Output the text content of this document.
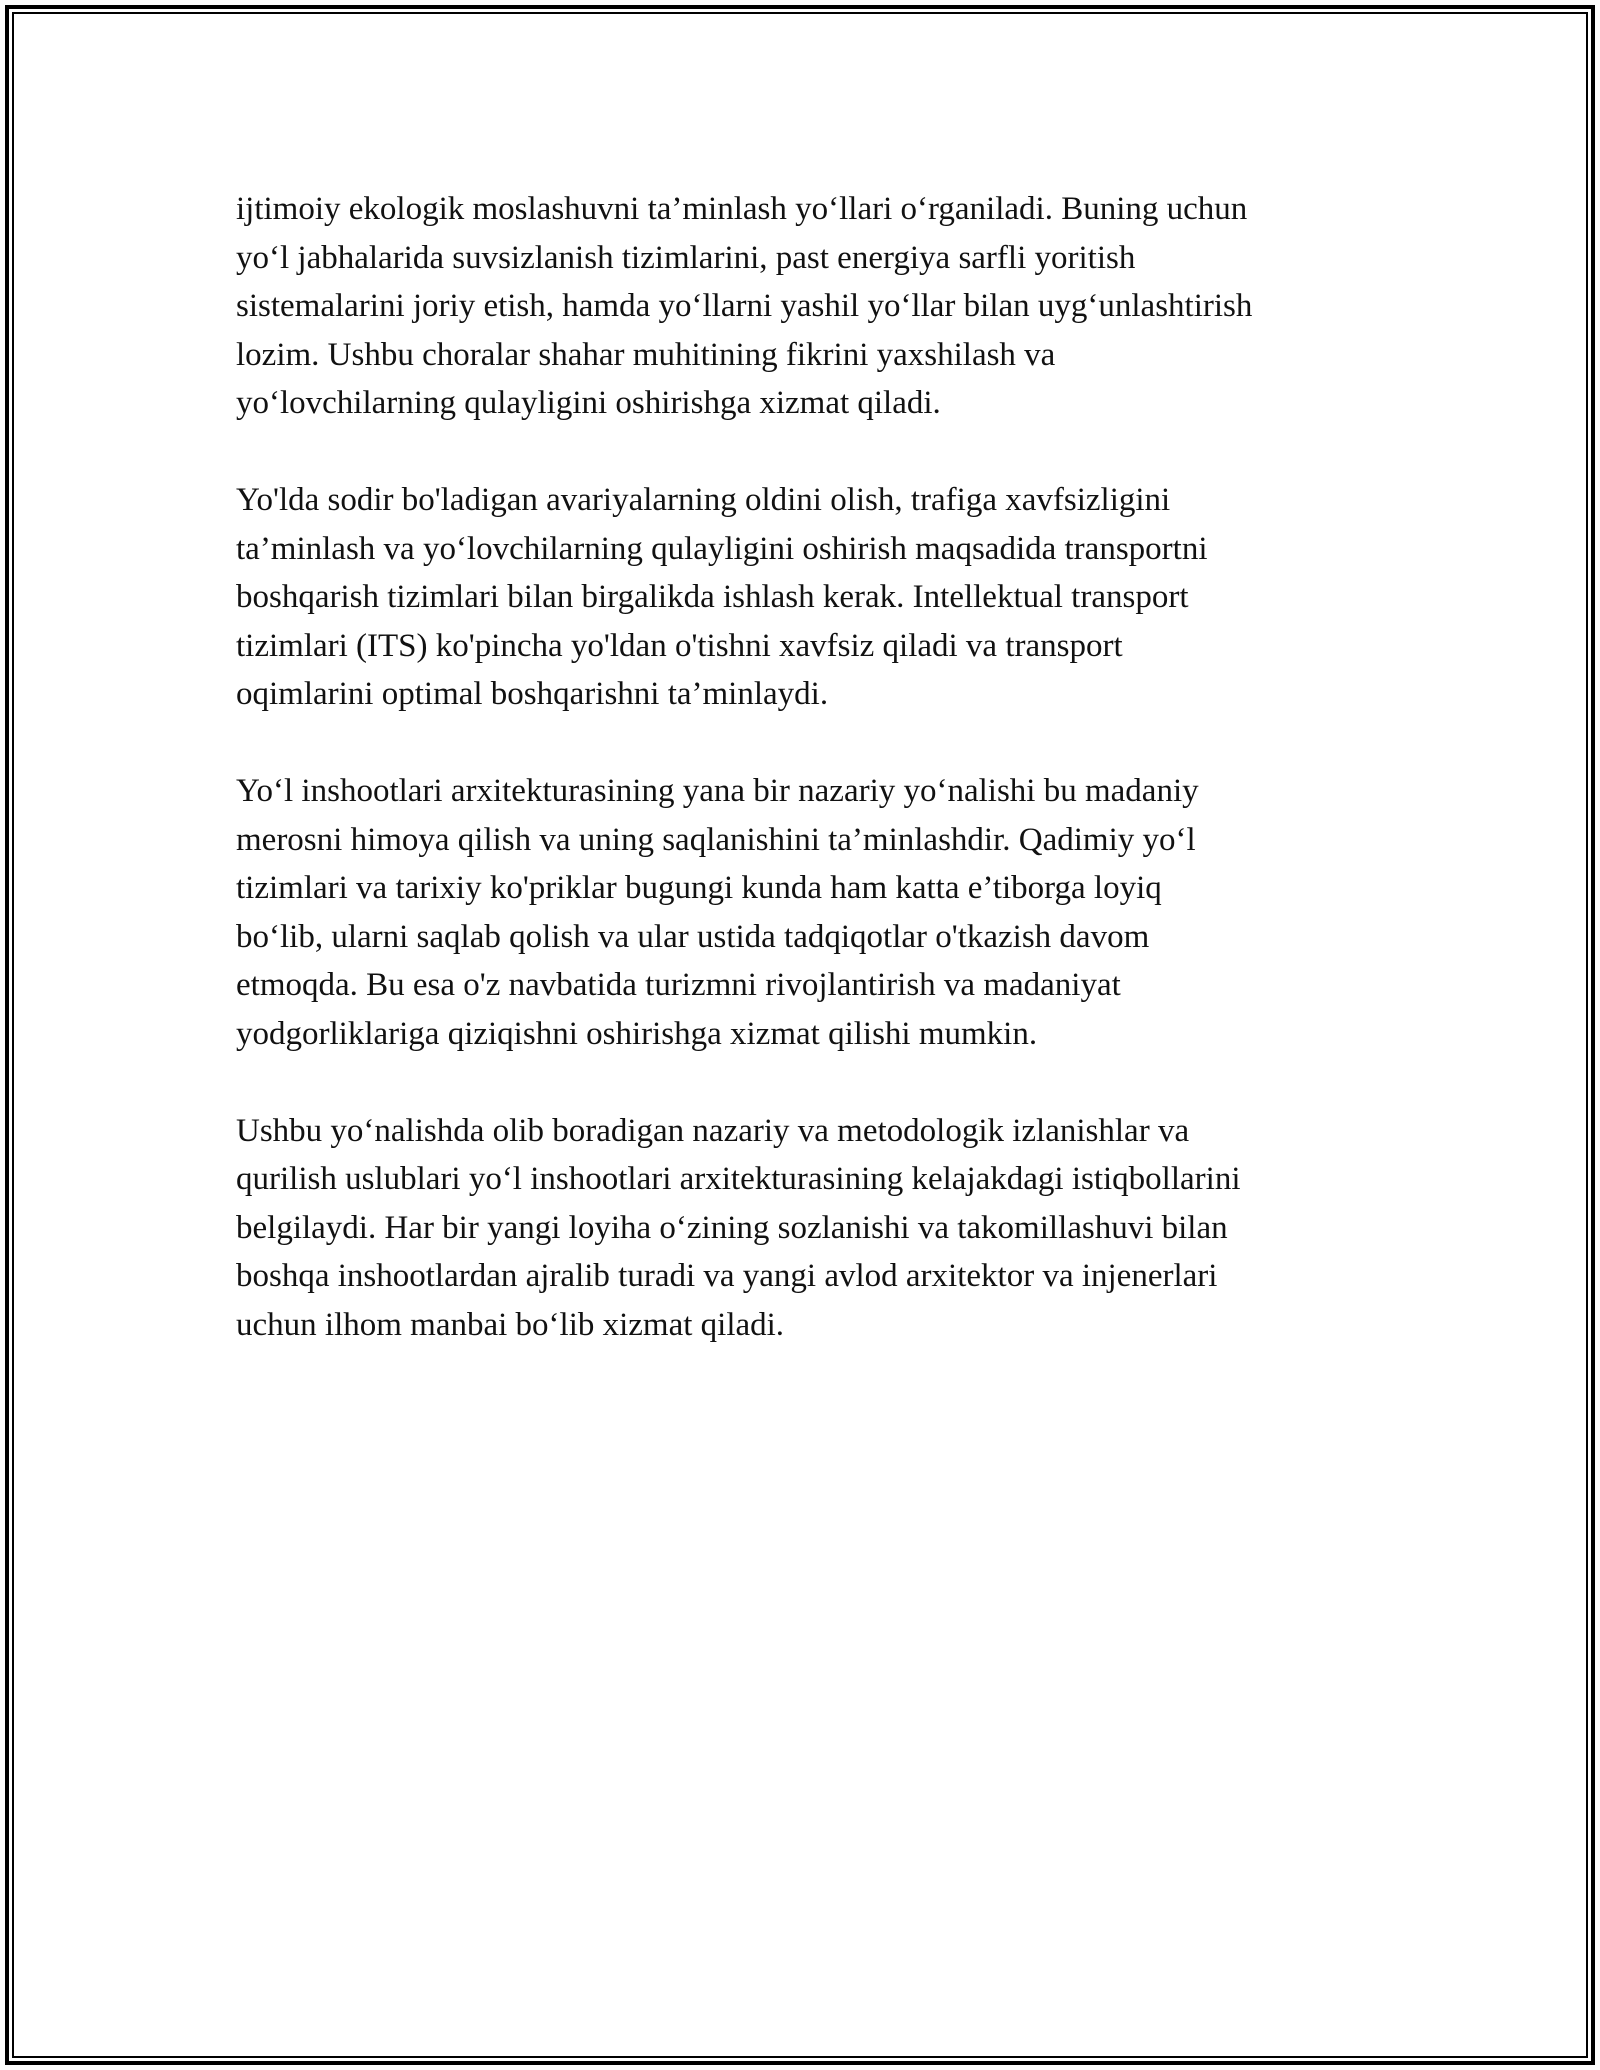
ijtimoiy ekologik moslashuvni ta’minlash yo‘llari o‘rganiladi. Buning uchun
yo‘l jabhalarida suvsizlanish tizimlarini, past energiya sarfli yoritish
sistemalarini joriy etish, hamda yo‘llarni yashil yo‘llar bilan uyg‘unlashtirish
lozim. Ushbu choralar shahar muhitining fikrini yaxshilash va
yo‘lovchilarning qulayligini oshirishga xizmat qiladi.

Yo'lda sodir bo'ladigan avariyalarning oldini olish, trafiga xavfsizligini
ta’minlash va yo‘lovchilarning qulayligini oshirish maqsadida transportni
boshqarish tizimlari bilan birgalikda ishlash kerak. Intellektual transport
tizimlari (ITS) ko'pincha yo'ldan o'tishni xavfsiz qiladi va transport
oqimlarini optimal boshqarishni ta’minlaydi.

Yo‘l inshootlari arxitekturasining yana bir nazariy yo‘nalishi bu madaniy
merosni himoya qilish va uning saqlanishini ta’minlashdir. Qadimiy yo‘l
tizimlari va tarixiy ko'priklar bugungi kunda ham katta e’tiborga loyiq
bo‘lib, ularni saqlab qolish va ular ustida tadqiqotlar o'tkazish davom
etmoqda. Bu esa o'z navbatida turizmni rivojlantirish va madaniyat
yodgorliklariga qiziqishni oshirishga xizmat qilishi mumkin.

Ushbu yo‘nalishda olib boradigan nazariy va metodologik izlanishlar va
qurilish uslublari yo‘l inshootlari arxitekturasining kelajakdagi istiqbollarini
belgilaydi. Har bir yangi loyiha o‘zining sozlanishi va takomillashuvi bilan
boshqa inshootlardan ajralib turadi va yangi avlod arxitektor va injenerlari
uchun ilhom manbai bo‘lib xizmat qiladi.
